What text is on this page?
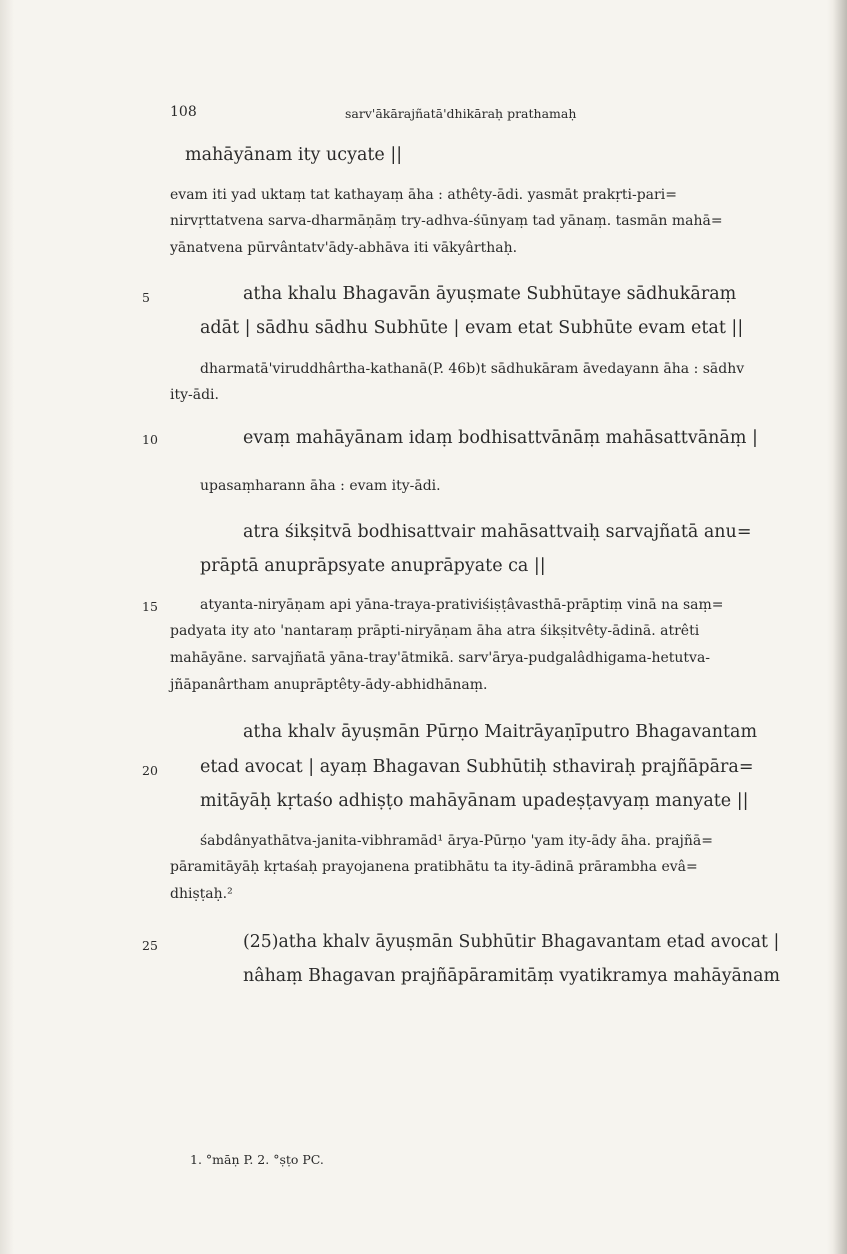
108	sarv'ākārajñatā'dhikāraḥ prathamaḥ
5
10
15
20
25
mahāyānam ity ucyate ||
evam iti yad uktaṃ tat kathayaṃ āha : athêty-ādi. yasmāt prakṛti-pari=
nirvṛttatvena sarva-dharmāṇāṃ try-adhva-śūnyaṃ tad yānaṃ. tasmān mahā=
yānatvena pūrvântatv'ādy-abhāva iti vākyârthaḥ.
atha khalu Bhagavān āyuṣmate Subhūtaye sādhukāraṃ
adāt | sādhu sādhu Subhūte | evam etat Subhūte evam etat ||
dharmatā'viruddhârtha-kathanā(P. 46b)t sādhukāram āvedayann āha : sādhv
ity-ādi.
evaṃ mahāyānam idaṃ bodhisattvānāṃ mahāsattvānāṃ |
upasaṃharann āha : evam ity-ādi.
atra śikṣitvā bodhisattvair mahāsattvaiḥ sarvajñatā anu=
prāptā anuprāpsyate anuprāpyate ca ||
atyanta-niryāṇam api yāna-traya-prativiśiṣṭâvasthā-prāptiṃ vinā na saṃ=
padyata ity ato 'nantaraṃ prāpti-niryāṇam āha atra śikṣitvêty-ādinā. atrêti
mahāyāne. sarvajñatā yāna-tray'ātmikā. sarv'ārya-pudgalâdhigama-hetutva-
jñāpanârtham anuprāptêty-ādy-abhidhānaṃ.
atha khalv āyuṣmān Pūrṇo Maitrāyaṇīputro Bhagavantam
etad avocat | ayaṃ Bhagavan Subhūtiḥ sthaviraḥ prajñāpāra=
mitāyāḥ kṛtaśo adhiṣṭo mahāyānam upadeṣṭavyaṃ manyate ||
śabdânyathātva-janita-vibhramād¹ ārya-Pūrṇo 'yam ity-ādy āha. prajñā=
pāramitāyāḥ kṛtaśaḥ prayojanena pratibhātu ta ity-ādinā prārambha evâ=
dhiṣṭaḥ.²
(25)atha khalv āyuṣmān Subhūtir Bhagavantam etad avocat |
nâhaṃ Bhagavan prajñāpāramitāṃ vyatikramya mahāyānam
1. °māṇ P. 2. °ṣṭo PC.
